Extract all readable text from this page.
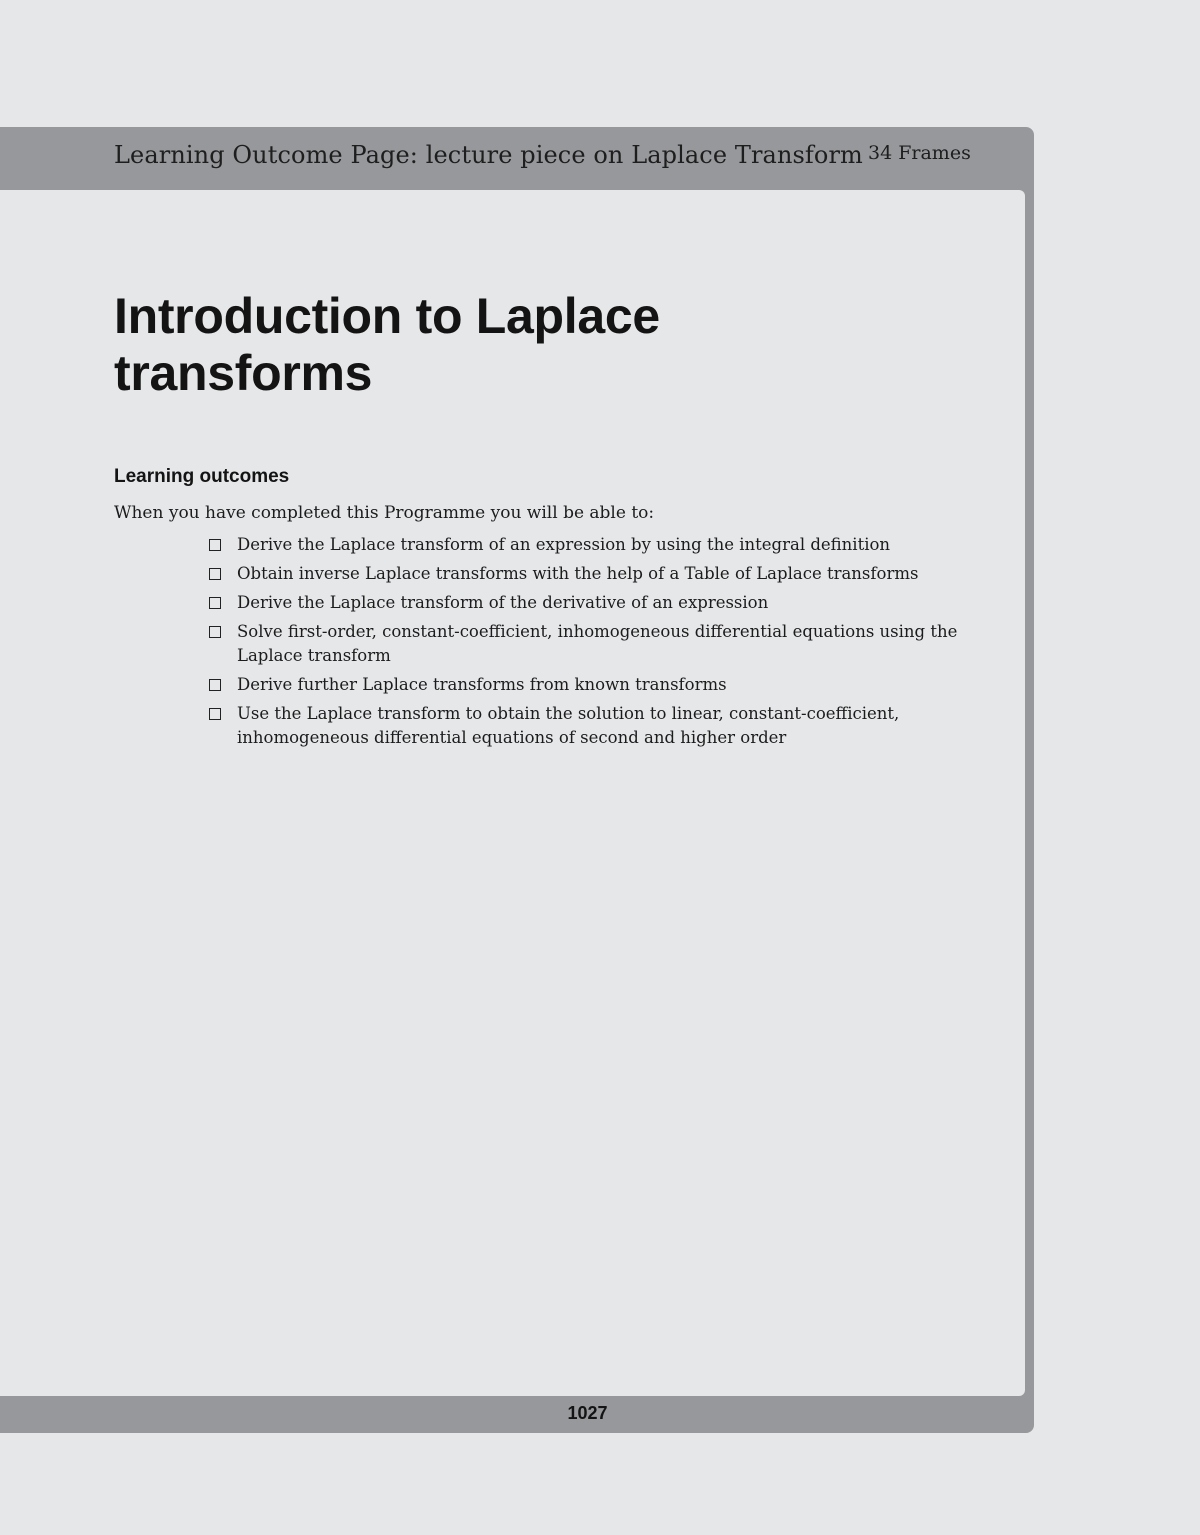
Learning Outcome Page: lecture piece on Laplace Transform 34 Frames
Introduction to Laplace transforms
Learning outcomes
When you have completed this Programme you will be able to:
Derive the Laplace transform of an expression by using the integral definition
Obtain inverse Laplace transforms with the help of a Table of Laplace transforms
Derive the Laplace transform of the derivative of an expression
Solve first-order, constant-coefficient, inhomogeneous differential equations using the Laplace transform
Derive further Laplace transforms from known transforms
Use the Laplace transform to obtain the solution to linear, constant-coefficient, inhomogeneous differential equations of second and higher order
1027
